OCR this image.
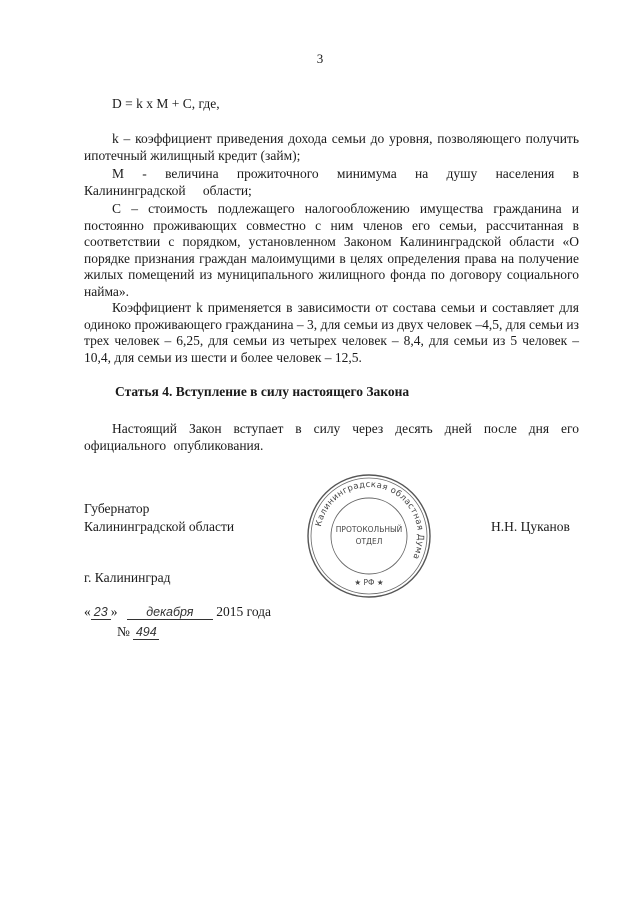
3
D = k x M + C, где,

k – коэффициент приведения дохода семьи до уровня, позволяющего получить ипотечный жилищный кредит (займ);

М - величина прожиточного минимума на душу населения в Калининградской области;

С – стоимость подлежащего налогообложению имущества гражданина и постоянно проживающих совместно с ним членов его семьи, рассчитанная в соответствии с порядком, установленном Законом Калининградской области «О порядке признания граждан малоимущими в целях определения права на получение жилых помещений из муниципального жилищного фонда по договору социального найма».

Коэффициент k применяется в зависимости от состава семьи и составляет для одиноко проживающего гражданина – 3, для семьи из двух человек –4,5, для семьи из трех человек – 6,25, для семьи из четырех человек – 8,4, для семьи из 5 человек – 10,4, для семьи из шести и более человек – 12,5.

Статья 4. Вступление в силу настоящего Закона

Настоящий Закон вступает в силу через десять дней после дня его официального опубликования.

Губернатор
Калининградской области	Н.Н. Цуканов
Калининградская областная Дума
ПРОТОКОЛЬНЫЙ
ОТДЕЛ
★ РФ ★
г. Калининград
« 23 » декабря 2015 года
№ 494
